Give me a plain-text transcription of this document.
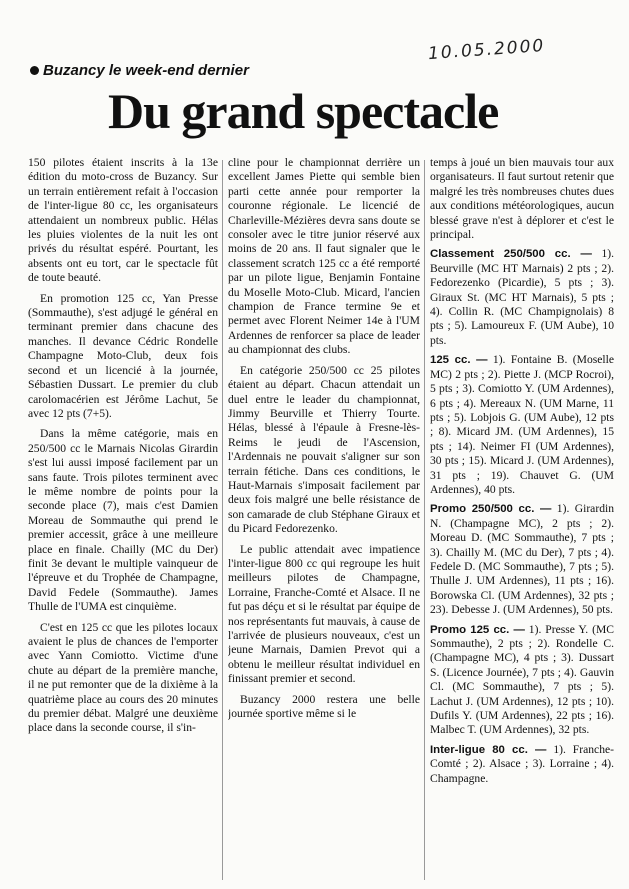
10.05.2000
Buzancy le week-end dernier
Du grand spectacle

150 pilotes étaient inscrits à la 13e édition du moto-cross de Buzancy. Sur un terrain entièrement refait à l'occasion de l'inter-ligue 80 cc, les organisateurs attendaient un nombreux public. Hélas les pluies violentes de la nuit les ont privés du résultat espéré. Pourtant, les absents ont eu tort, car le spectacle fût de toute beauté.

En promotion 125 cc, Yan Presse (Sommauthe), s'est adjugé le général en terminant premier dans chacune des manches. Il devance Cédric Rondelle Champagne Moto-Club, deux fois second et un licencié à la journée, Sébastien Dussart. Le premier du club carolomacérien est Jérôme Lachut, 5e avec 12 pts (7+5).

Dans la même catégorie, mais en 250/500 cc le Marnais Nicolas Girardin s'est lui aussi imposé facilement par un sans faute. Trois pilotes terminent avec le même nombre de points pour la seconde place (7), mais c'est Damien Moreau de Sommauthe qui prend le premier accessit, grâce à une meilleure place en finale. Chailly (MC du Der) finit 3e devant le multiple vainqueur de l'épreuve et du Trophée de Champagne, David Fedele (Sommauthe). James Thulle de l'UMA est cinquième.

C'est en 125 cc que les pilotes locaux avaient le plus de chances de l'emporter avec Yann Comiotto. Victime d'une chute au départ de la première manche, il ne put remonter que de la dixième à la quatrième place au cours des 20 minutes du premier débat. Malgré une deuxième place dans la seconde course, il s'in-

cline pour le championnat derrière un excellent James Piette qui semble bien parti cette année pour remporter la couronne régionale. Le licencié de Charleville-Mézières devra sans doute se consoler avec le titre junior réservé aux moins de 20 ans. Il faut signaler que le classement scratch 125 cc a été remporté par un pilote ligue, Benjamin Fontaine du Moselle Moto-Club. Micard, l'ancien champion de France termine 9e et permet avec Florent Neimer 14e à l'UM Ardennes de renforcer sa place de leader au championnat des clubs.

En catégorie 250/500 cc 25 pilotes étaient au départ. Chacun attendait un duel entre le leader du championnat, Jimmy Beurville et Thierry Tourte. Hélas, blessé à l'épaule à Fresne-lès-Reims le jeudi de l'Ascension, l'Ardennais ne pouvait s'aligner sur son terrain fétiche. Dans ces conditions, le Haut-Marnais s'imposait facilement par deux fois malgré une belle résistance de son camarade de club Stéphane Giraux et du Picard Fedorezenko.

Le public attendait avec impatience l'inter-ligue 800 cc qui regroupe les huit meilleurs pilotes de Champagne, Lorraine, Franche-Comté et Alsace. Il ne fut pas déçu et si le résultat par équipe de nos représentants fut mauvais, à cause de l'arrivée de plusieurs nouveaux, c'est un jeune Marnais, Damien Prevot qui a obtenu le meilleur résultat individuel en finissant premier et second.

Buzancy 2000 restera une belle journée sportive même si le

temps à joué un bien mauvais tour aux organisateurs. Il faut surtout retenir que malgré les très nombreuses chutes dues aux conditions météorologiques, aucun blessé grave n'est à déplorer et c'est le principal.

Classement 250/500 cc. — 1). Beurville (MC HT Marnais) 2 pts ; 2). Fedorezenko (Picardie), 5 pts ; 3). Giraux St. (MC HT Marnais), 5 pts ; 4). Collin R. (MC Champignolais) 8 pts ; 5). Lamoureux F. (UM Aube), 10 pts.

125 cc. — 1). Fontaine B. (Moselle MC) 2 pts ; 2). Piette J. (MCP Rocroi), 5 pts ; 3). Comiotto Y. (UM Ardennes), 6 pts ; 4). Mereaux N. (UM Marne, 11 pts ; 5). Lobjois G. (UM Aube), 12 pts ; 8). Micard JM. (UM Ardennes), 15 pts ; 14). Neimer FI (UM Ardennes), 30 pts ; 15). Micard J. (UM Ardennes), 31 pts ; 19). Chauvet G. (UM Ardennes), 40 pts.

Promo 250/500 cc. — 1). Girardin N. (Champagne MC), 2 pts ; 2). Moreau D. (MC Sommauthe), 7 pts ; 3). Chailly M. (MC du Der), 7 pts ; 4). Fedele D. (MC Sommauthe), 7 pts ; 5). Thulle J. UM Ardennes), 11 pts ; 16). Borowska Cl. (UM Ardennes), 32 pts ; 23). Debesse J. (UM Ardennes), 50 pts.

Promo 125 cc. — 1). Presse Y. (MC Sommauthe), 2 pts ; 2). Rondelle C. (Champagne MC), 4 pts ; 3). Dussart S. (Licence Journée), 7 pts ; 4). Gauvin Cl. (MC Sommauthe), 7 pts ; 5). Lachut J. (UM Ardennes), 12 pts ; 10). Dufils Y. (UM Ardennes), 22 pts ; 16). Malbec T. (UM Ardennes), 32 pts.

Inter-ligue 80 cc. — 1). Franche-Comté ; 2). Alsace ; 3). Lorraine ; 4). Champagne.
